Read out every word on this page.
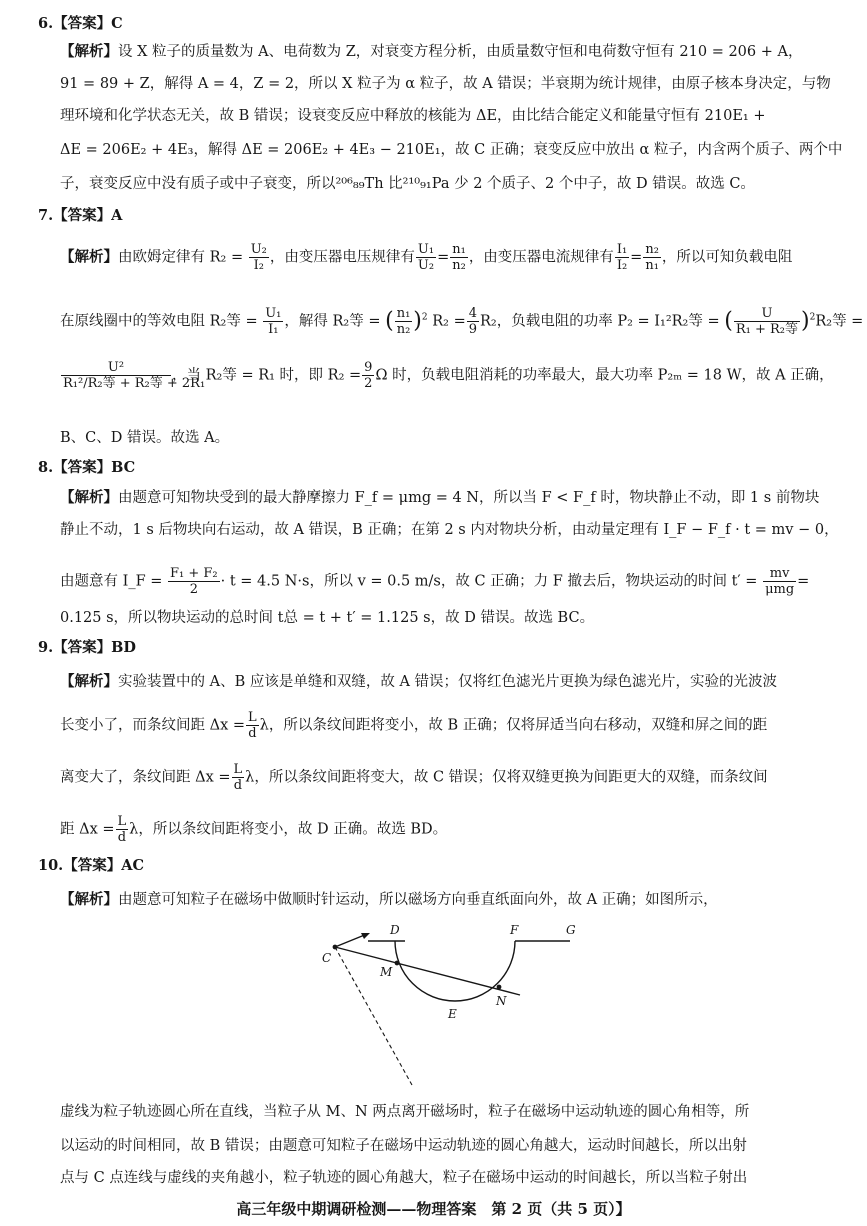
6.【答案】C
【解析】设 X 粒子的质量数为 A、电荷数为 Z，对衰变方程分析，由质量数守恒和电荷数守恒有 210 = 206 + A，
91 = 89 + Z，解得 A = 4，Z = 2，所以 X 粒子为 α 粒子，故 A 错误；半衰期为统计规律，由原子核本身决定，与物
理环境和化学状态无关，故 B 错误；设衰变反应中释放的核能为 ΔE，由比结合能定义和能量守恒有 210E₁ +
ΔE = 206E₂ + 4E₃，解得 ΔE = 206E₂ + 4E₃ − 210E₁，故 C 正确；衰变反应中放出 α 粒子，内含两个质子、两个中
子，衰变反应中没有质子或中子衰变，所以²⁰⁶₈₉Th 比²¹⁰₉₁Pa 少 2 个质子、2 个中子，故 D 错误。故选 C。
7.【答案】A
【解析】由欧姆定律有 $R_2 = \frac{\text{U₂}}{\text{I₂}}$ ，由变压器电压规律有 $\frac{\text{U₁}}{\text{U₂}} = \frac{\text{n₁}}{\text{n₂}}$ ，由变压器电流规律有 $\frac{\text{I₁}}{\text{I₂}} = \frac{\text{n₂}}{\text{n₁}}$ ，所以可知负载电阻
在原线圈中的等效电阻 R₂等 = $\frac{\text{U₁}}{\text{I₁}}$ ，解得 R₂等 = ( $\frac{\text{n₁}}{\text{n₂}} )^2$ $R_2 = \frac{4}{9} R_2$，负载电阻的功率 P₂ = I₁²R₂等 = ( $\frac{U}{\text{R₁ + R₂等}} )^2R_2$等 =
$\frac{\text{U²}}{\text{R₁²/R₂等 + R₂等 + 2R₁}}$ ，当 R₂等 = R₁ 时，即 $R_2 = \frac{9}{2}$ Ω 时，负载电阻消耗的功率最大，最大功率 P₂ₘ = 18 W，故 A 正确，
B、C、D 错误。故选 A。
8.【答案】BC
【解析】由题意可知物块受到的最大静摩擦力 F_f = μmg = 4 N，所以当 F < F_f 时，物块静止不动，即 1 s 前物块
静止不动，1 s 后物块向右运动，故 A 错误，B 正确；在第 2 s 内对物块分析，由动量定理有 I_F − F_f · t = mv − 0，
由题意有 I_F = $\frac{\text{F₁ + F₂}}{2} \cdot t = 4.5$ N·s，所以 v = 0.5 m/s，故 C 正确；力 F 撤去后，物块运动的时间 $t' = \frac{mv}{\text{μmg}}$ =
0.125 s，所以物块运动的总时间 t总 = t + t′ = 1.125 s，故 D 错误。故选 BC。
9.【答案】BD
【解析】实验装置中的 A、B 应该是单缝和双缝，故 A 错误；仅将红色滤光片更换为绿色滤光片，实验的光波波
长变小了，而条纹间距 $\Delta x = \frac{L}{d}$ λ，所以条纹间距将变小，故 B 正确；仅将屏适当向右移动，双缝和屏之间的距
离变大了，条纹间距 $\Delta x = \frac{L}{d}$ λ，所以条纹间距将变大，故 C 错误；仅将双缝更换为间距更大的双缝，而条纹间
距 $\Delta x = \frac{L}{d}$ λ，所以条纹间距将变小，故 D 正确。故选 BD。
10.【答案】AC
【解析】由题意可知粒子在磁场中做顺时针运动，所以磁场方向垂直纸面向外，故 A 正确；如图所示，
C
D
M
N
E
F	G
虚线为粒子轨迹圆心所在直线，当粒子从 M、N 两点离开磁场时，粒子在磁场中运动轨迹的圆心角相等，所
以运动的时间相同，故 B 错误；由题意可知粒子在磁场中运动轨迹的圆心角越大，运动时间越长，所以出射
点与 C 点连线与虚线的夹角越小，粒子轨迹的圆心角越大，粒子在磁场中运动的时间越长，所以当粒子射出
高三年级中期调研检测——物理答案　第 2 页（共 5 页）】
